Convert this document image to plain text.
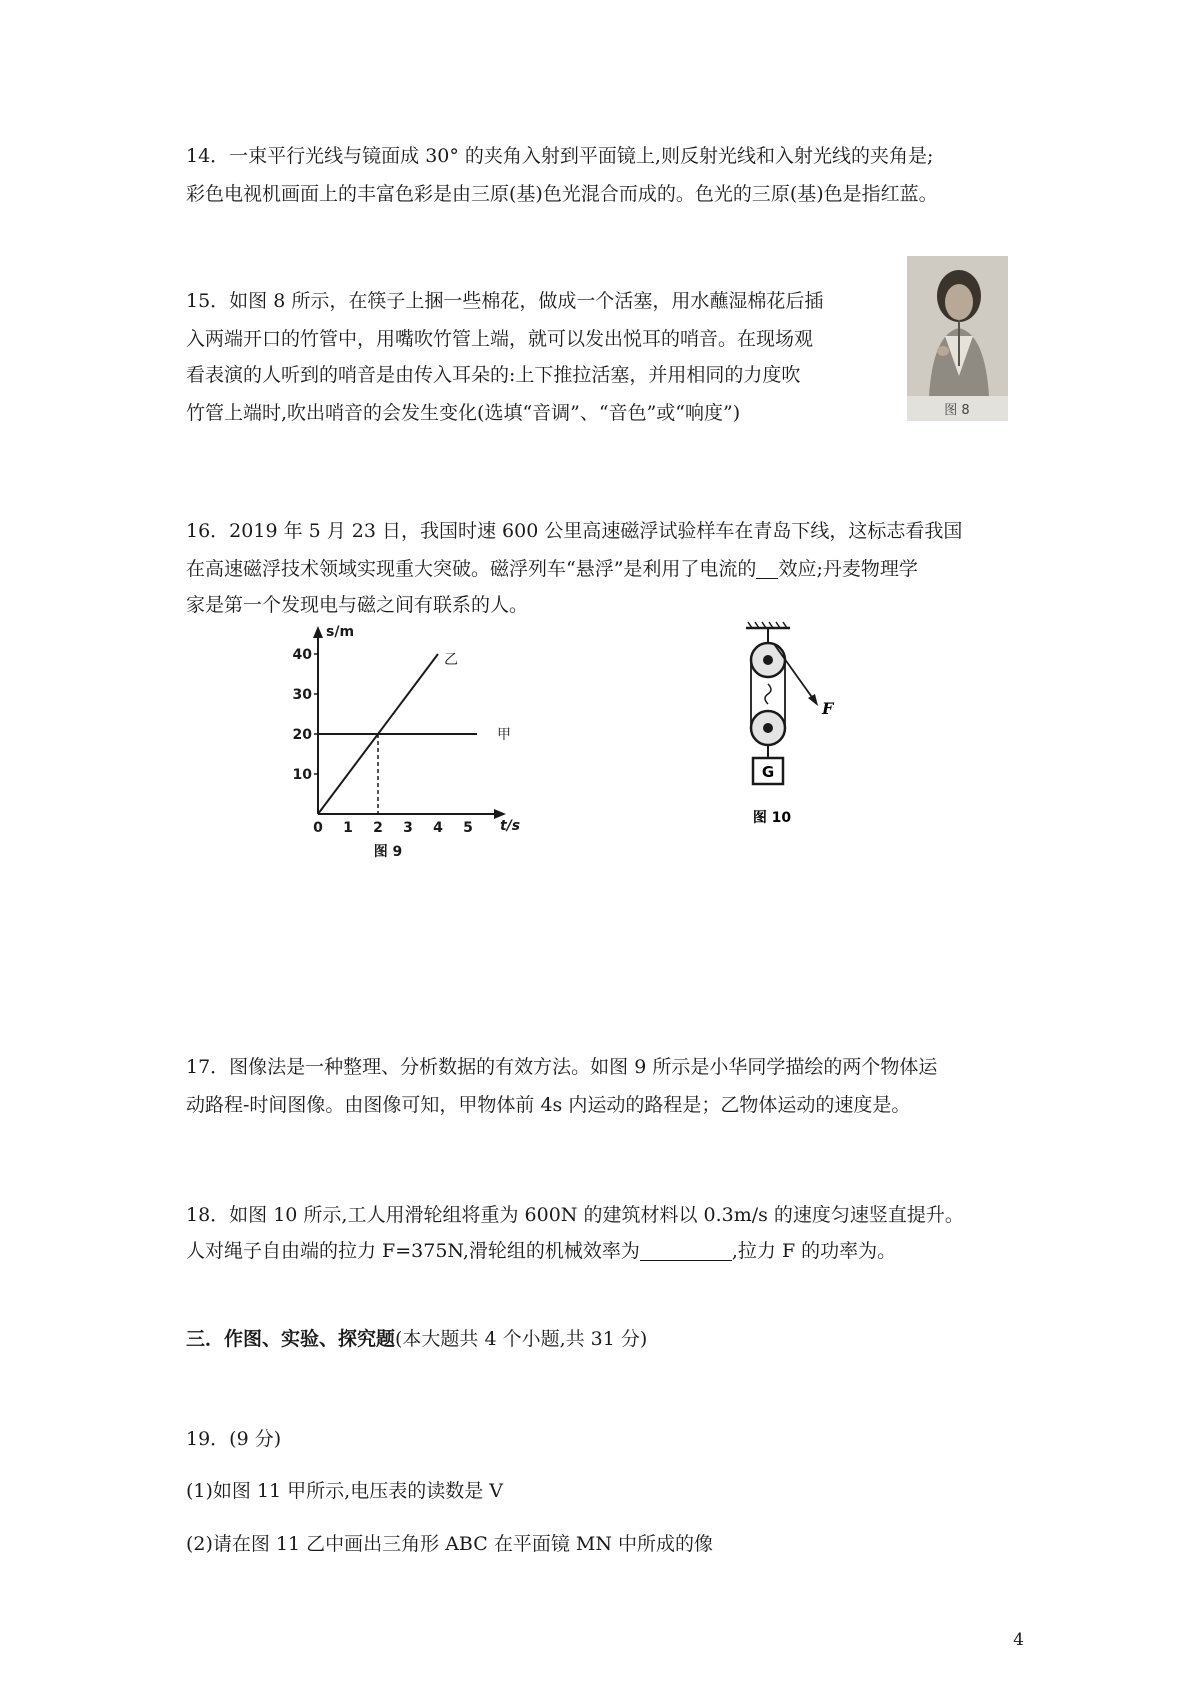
14．一束平行光线与镜面成 30° 的夹角入射到平面镜上,则反射光线和入射光线的夹角是;
彩色电视机画面上的丰富色彩是由三原(基)色光混合而成的。色光的三原(基)色是指红蓝。
15．如图 8 所示，在筷子上捆一些棉花，做成一个活塞，用水蘸湿棉花后插
入两端开口的竹管中，用嘴吹竹管上端，就可以发出悦耳的哨音。在现场观
看表演的人听到的哨音是由传入耳朵的:上下推拉活塞，并用相同的力度吹
竹管上端时,吹出哨音的会发生变化(选填“音调”、“音色”或“响度”)	图 8
16．2019 年 5 月 23 日，我国时速 600 公里高速磁浮试验样车在青岛下线，这标志看我国
在高速磁浮技术领域实现重大突破。磁浮列车“悬浮”是利用了电流的 效应;丹麦物理学
家是第一个发现电与磁之间有联系的人。
s/m
t/s
0 1 2 3 4 5
10
20
30
40
甲
乙
图 9
F
G
图 10
17．图像法是一种整理、分析数据的有效方法。如图 9 所示是小华同学描绘的两个物体运
动路程-时间图像。由图像可知，甲物体前 4s 内运动的路程是；乙物体运动的速度是。
18．如图 10 所示,工人用滑轮组将重为 600N 的建筑材料以 0.3m/s 的速度匀速竖直提升。
人对绳子自由端的拉力 F=375N,滑轮组的机械效率为	,拉力 F 的功率为。
三．作图、实验、探究题(本大题共 4 个小题,共 31 分)
19．(9 分)
(1)如图 11 甲所示,电压表的读数是 V
(2)请在图 11 乙中画出三角形 ABC 在平面镜 MN 中所成的像
4
